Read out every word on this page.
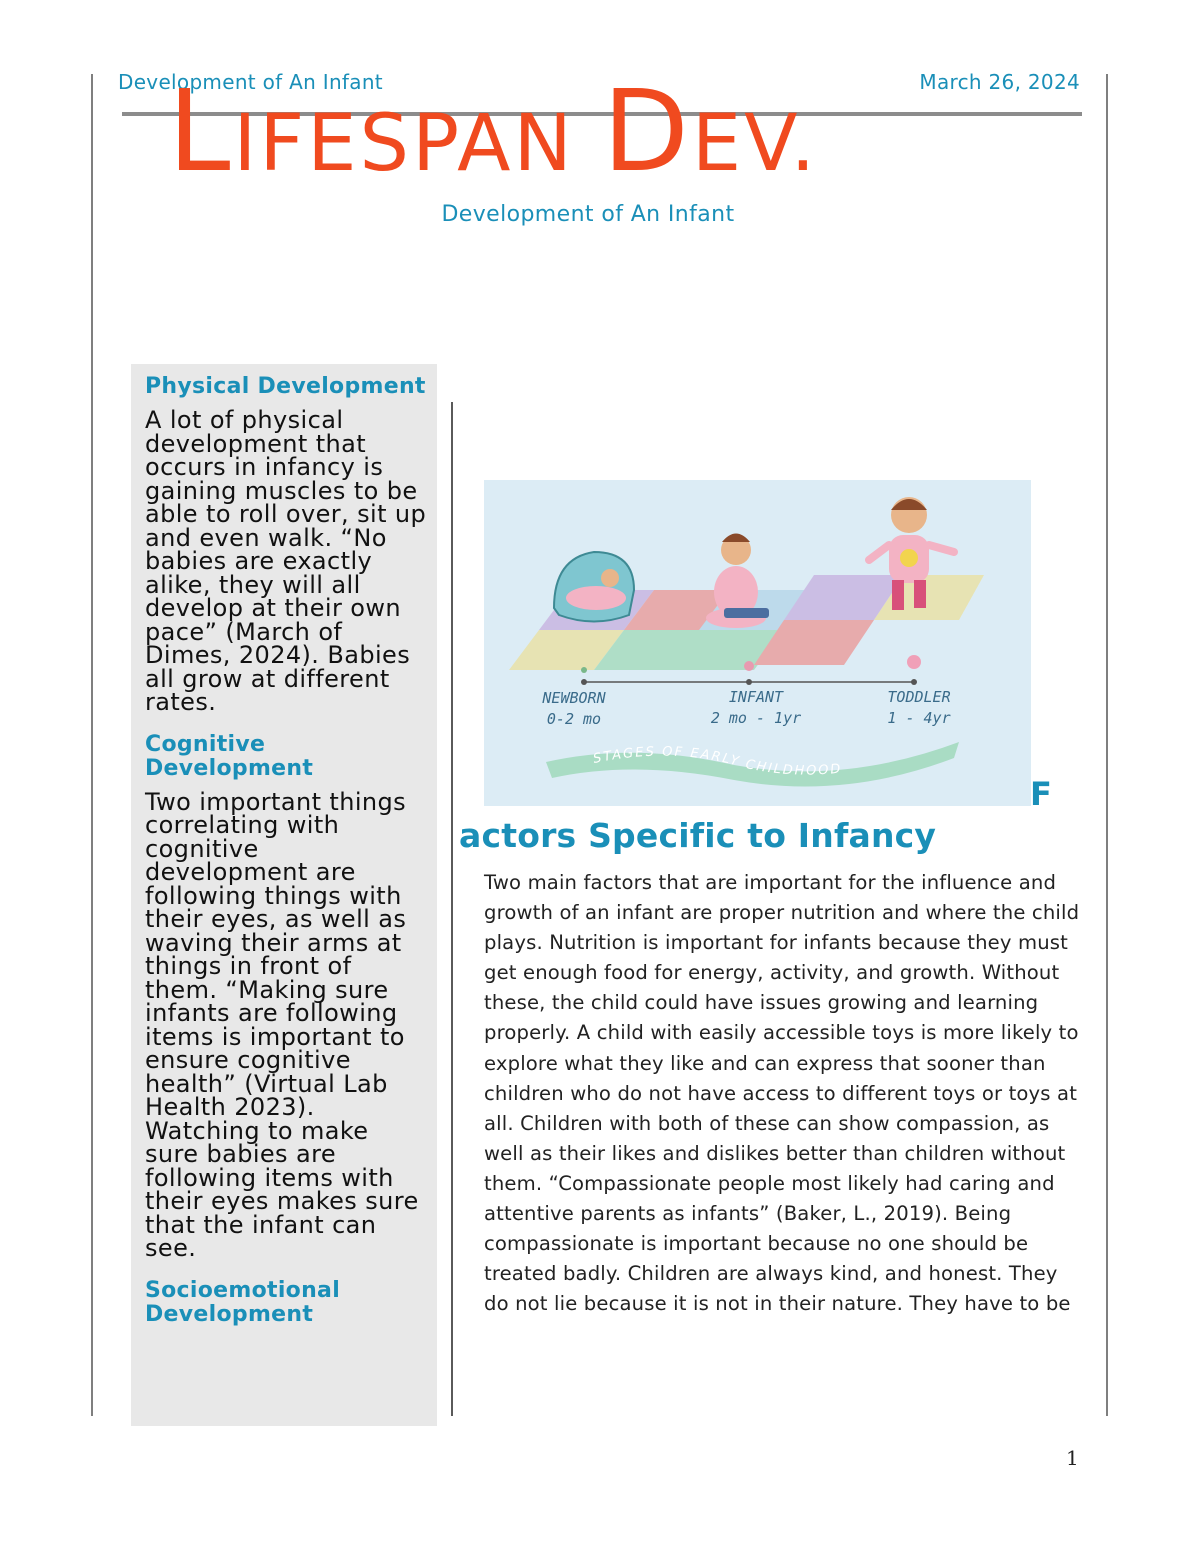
Development of An Infant	March 26, 2024
LIFESPAN DEV.
Development of An Infant
Physical Development

A lot of physical development that occurs in infancy is gaining muscles to be able to roll over, sit up and even walk. “No babies are exactly alike, they will all develop at their own pace” (March of Dimes, 2024). Babies all grow at different rates.

Cognitive Development

Two important things correlating with cognitive development are following things with their eyes, as well as waving their arms at things in front of them. “Making sure infants are following items is important to ensure cognitive health” (Virtual Lab Health 2023). Watching to make sure babies are following items with their eyes makes sure that the infant can see.

Socioemotional Development
NEWBORN
0-2 mo
INFANT
2 mo - 1yr
TODDLER
1 - 4yr
STAGES OF EARLY CHILDHOOD
F
actors Specific to Infancy

Two main factors that are important for the influence and growth of an infant are proper nutrition and where the child plays. Nutrition is important for infants because they must get enough food for energy, activity, and growth. Without these, the child could have issues growing and learning properly. A child with easily accessible toys is more likely to explore what they like and can express that sooner than children who do not have access to different toys or toys at all. Children with both of these can show compassion, as well as their likes and dislikes better than children without them. “Compassionate people most likely had caring and attentive parents as infants” (Baker, L., 2019). Being compassionate is important because no one should be treated badly. Children are always kind, and honest. They do not lie because it is not in their nature. They have to be

1
